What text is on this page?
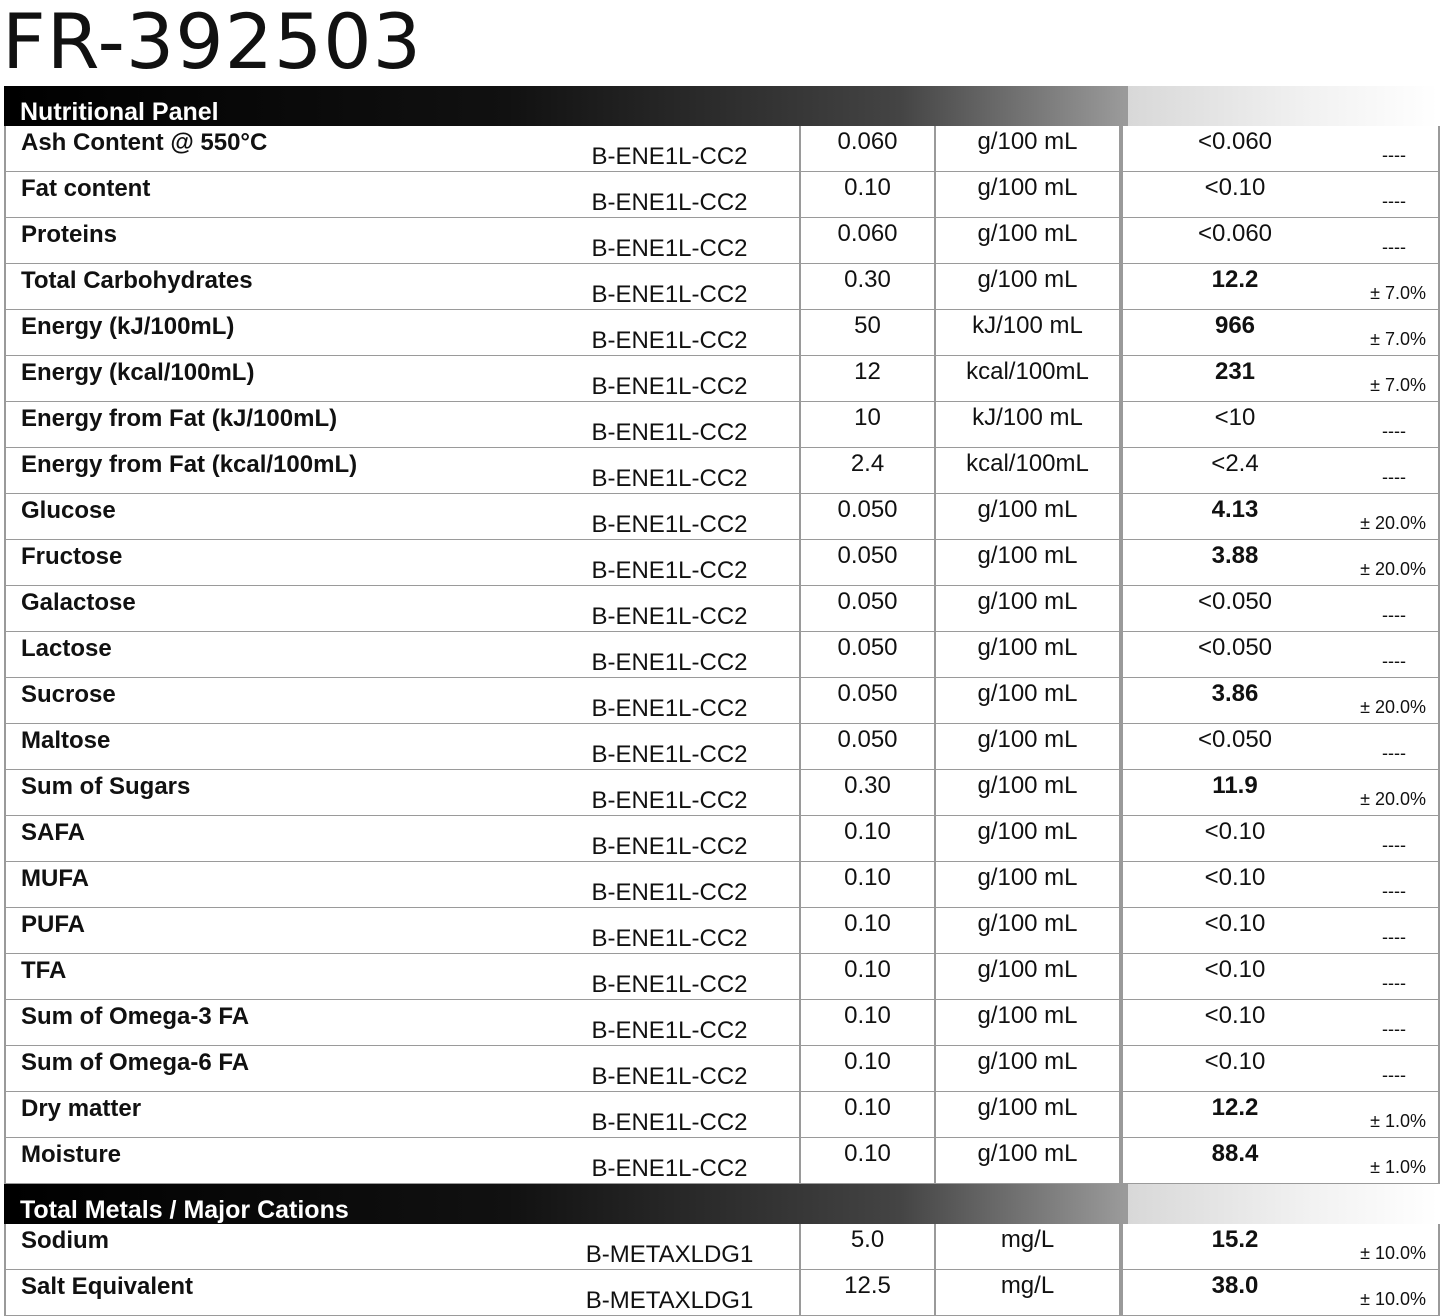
FR-392503
Nutritional Panel
Ash Content @ 550°C	B-ENE1L-CC2	0.060	g/100 mL	<0.060	----
Fat content	B-ENE1L-CC2	0.10	g/100 mL	<0.10	----
Proteins	B-ENE1L-CC2	0.060	g/100 mL	<0.060	----
Total Carbohydrates	B-ENE1L-CC2	0.30	g/100 mL	12.2	± 7.0%
Energy (kJ/100mL)	B-ENE1L-CC2	50	kJ/100 mL	966	± 7.0%
Energy (kcal/100mL)	B-ENE1L-CC2	12	kcal/100mL	231	± 7.0%
Energy from Fat (kJ/100mL)	B-ENE1L-CC2	10	kJ/100 mL	<10	----
Energy from Fat (kcal/100mL)	B-ENE1L-CC2	2.4	kcal/100mL	<2.4	----
Glucose	B-ENE1L-CC2	0.050	g/100 mL	4.13	± 20.0%
Fructose	B-ENE1L-CC2	0.050	g/100 mL	3.88	± 20.0%
Galactose	B-ENE1L-CC2	0.050	g/100 mL	<0.050	----
Lactose	B-ENE1L-CC2	0.050	g/100 mL	<0.050	----
Sucrose	B-ENE1L-CC2	0.050	g/100 mL	3.86	± 20.0%
Maltose	B-ENE1L-CC2	0.050	g/100 mL	<0.050	----
Sum of Sugars	B-ENE1L-CC2	0.30	g/100 mL	11.9	± 20.0%
SAFA	B-ENE1L-CC2	0.10	g/100 mL	<0.10	----
MUFA	B-ENE1L-CC2	0.10	g/100 mL	<0.10	----
PUFA	B-ENE1L-CC2	0.10	g/100 mL	<0.10	----
TFA	B-ENE1L-CC2	0.10	g/100 mL	<0.10	----
Sum of Omega-3 FA	B-ENE1L-CC2	0.10	g/100 mL	<0.10	----
Sum of Omega-6 FA	B-ENE1L-CC2	0.10	g/100 mL	<0.10	----
Dry matter	B-ENE1L-CC2	0.10	g/100 mL	12.2	± 1.0%
Moisture	B-ENE1L-CC2	0.10	g/100 mL	88.4	± 1.0%
Total Metals / Major Cations
Sodium	B-METAXLDG1	5.0	mg/L	15.2	± 10.0%
Salt Equivalent	B-METAXLDG1	12.5	mg/L	38.0	± 10.0%
